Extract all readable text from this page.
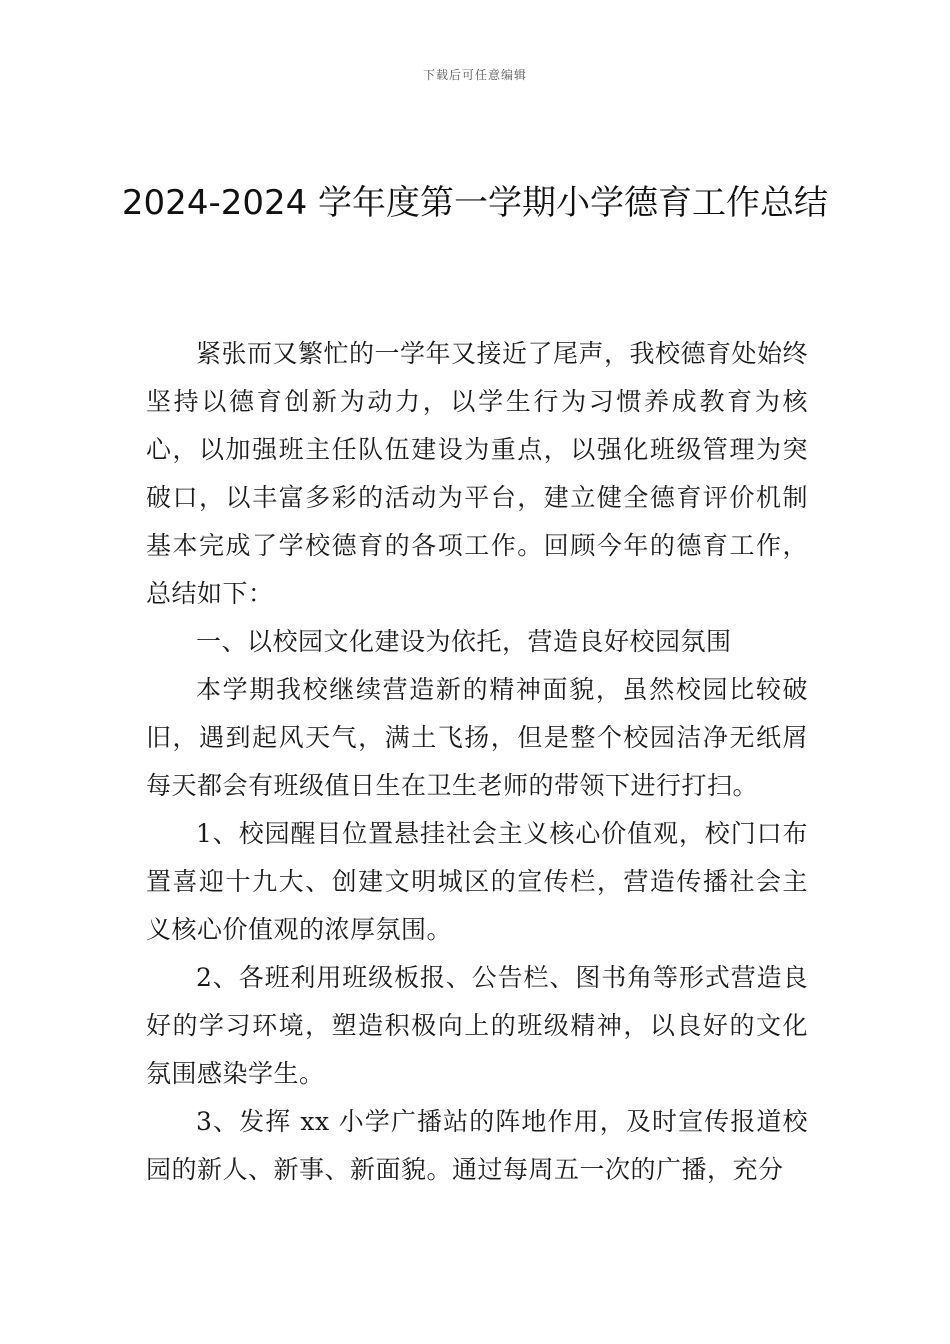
下载后可任意编辑
2024-2024 学年度第一学期小学德育工作总结

紧张而又繁忙的一学年又接近了尾声，我校德育处始终坚持以德育创新为动力，以学生行为习惯养成教育为核心，以加强班主任队伍建设为重点，以强化班级管理为突破口，以丰富多彩的活动为平台，建立健全德育评价机制基本完成了学校德育的各项工作。回顾今年的德育工作，总结如下：

一、以校园文化建设为依托，营造良好校园氛围

本学期我校继续营造新的精神面貌，虽然校园比较破旧，遇到起风天气，满土飞扬，但是整个校园洁净无纸屑每天都会有班级值日生在卫生老师的带领下进行打扫。

1、校园醒目位置悬挂社会主义核心价值观，校门口布置喜迎十九大、创建文明城区的宣传栏，营造传播社会主义核心价值观的浓厚氛围。

2、各班利用班级板报、公告栏、图书角等形式营造良好的学习环境，塑造积极向上的班级精神，以良好的文化氛围感染学生。

3、发挥 xx 小学广播站的阵地作用，及时宣传报道校园的新人、新事、新面貌。通过每周五一次的广播，充分
